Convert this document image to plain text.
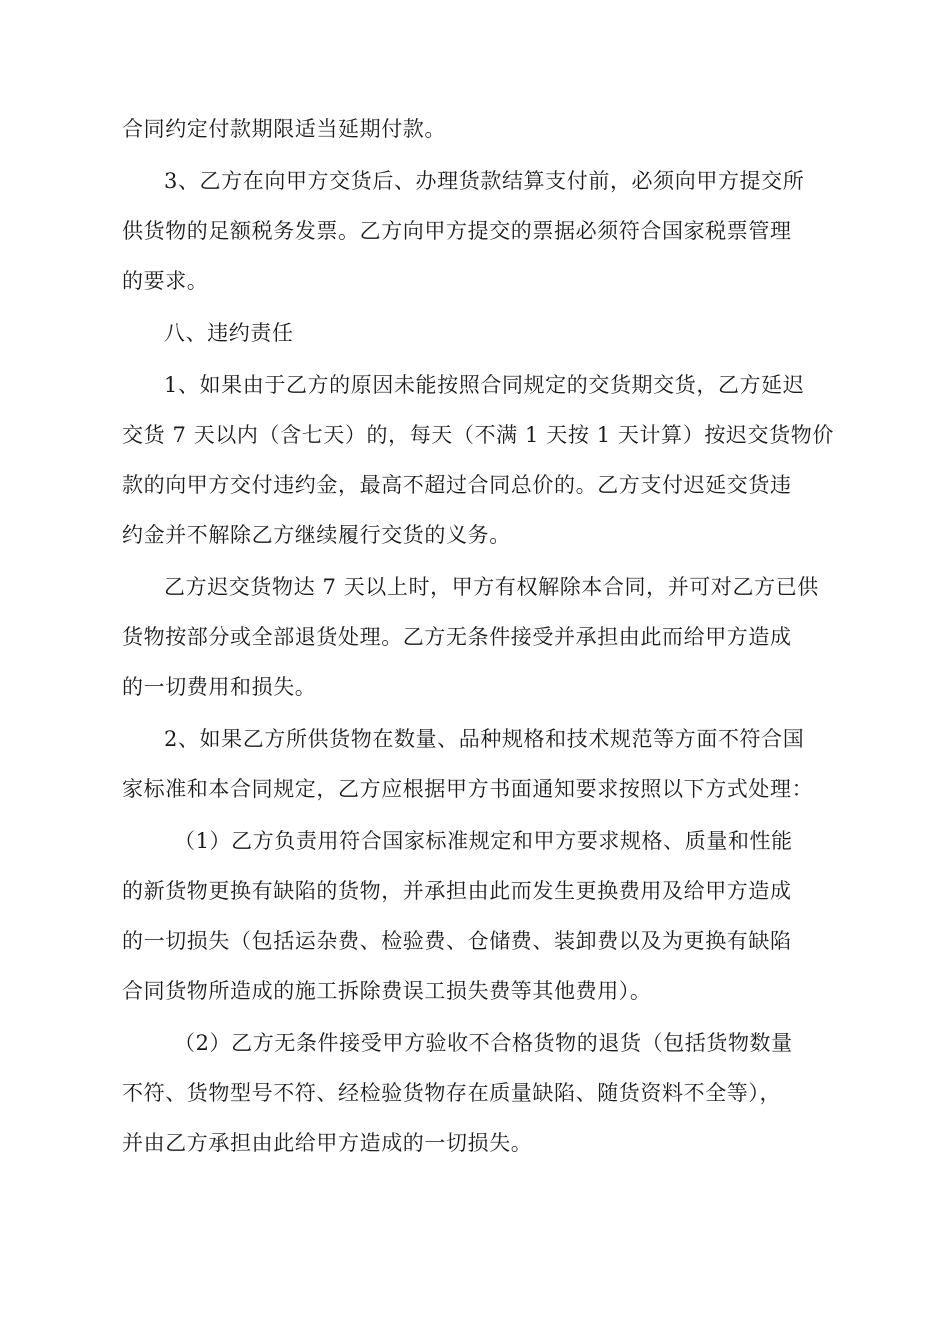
合同约定付款期限适当延期付款。

3、乙方在向甲方交货后、办理货款结算支付前，必须向甲方提交所
供货物的足额税务发票。乙方向甲方提交的票据必须符合国家税票管理
的要求。

八、违约责任

1、如果由于乙方的原因未能按照合同规定的交货期交货，乙方延迟
交货 7 天以内（含七天）的，每天（不满 1 天按 1 天计算）按迟交货物价
款的向甲方交付违约金，最高不超过合同总价的。乙方支付迟延交货违
约金并不解除乙方继续履行交货的义务。

乙方迟交货物达 7 天以上时，甲方有权解除本合同，并可对乙方已供
货物按部分或全部退货处理。乙方无条件接受并承担由此而给甲方造成
的一切费用和损失。

2、如果乙方所供货物在数量、品种规格和技术规范等方面不符合国
家标准和本合同规定，乙方应根据甲方书面通知要求按照以下方式处理：

（1）乙方负责用符合国家标准规定和甲方要求规格、质量和性能
的新货物更换有缺陷的货物，并承担由此而发生更换费用及给甲方造成
的一切损失（包括运杂费、检验费、仓储费、装卸费以及为更换有缺陷
合同货物所造成的施工拆除费误工损失费等其他费用）。

（2）乙方无条件接受甲方验收不合格货物的退货（包括货物数量
不符、货物型号不符、经检验货物存在质量缺陷、随货资料不全等），
并由乙方承担由此给甲方造成的一切损失。
